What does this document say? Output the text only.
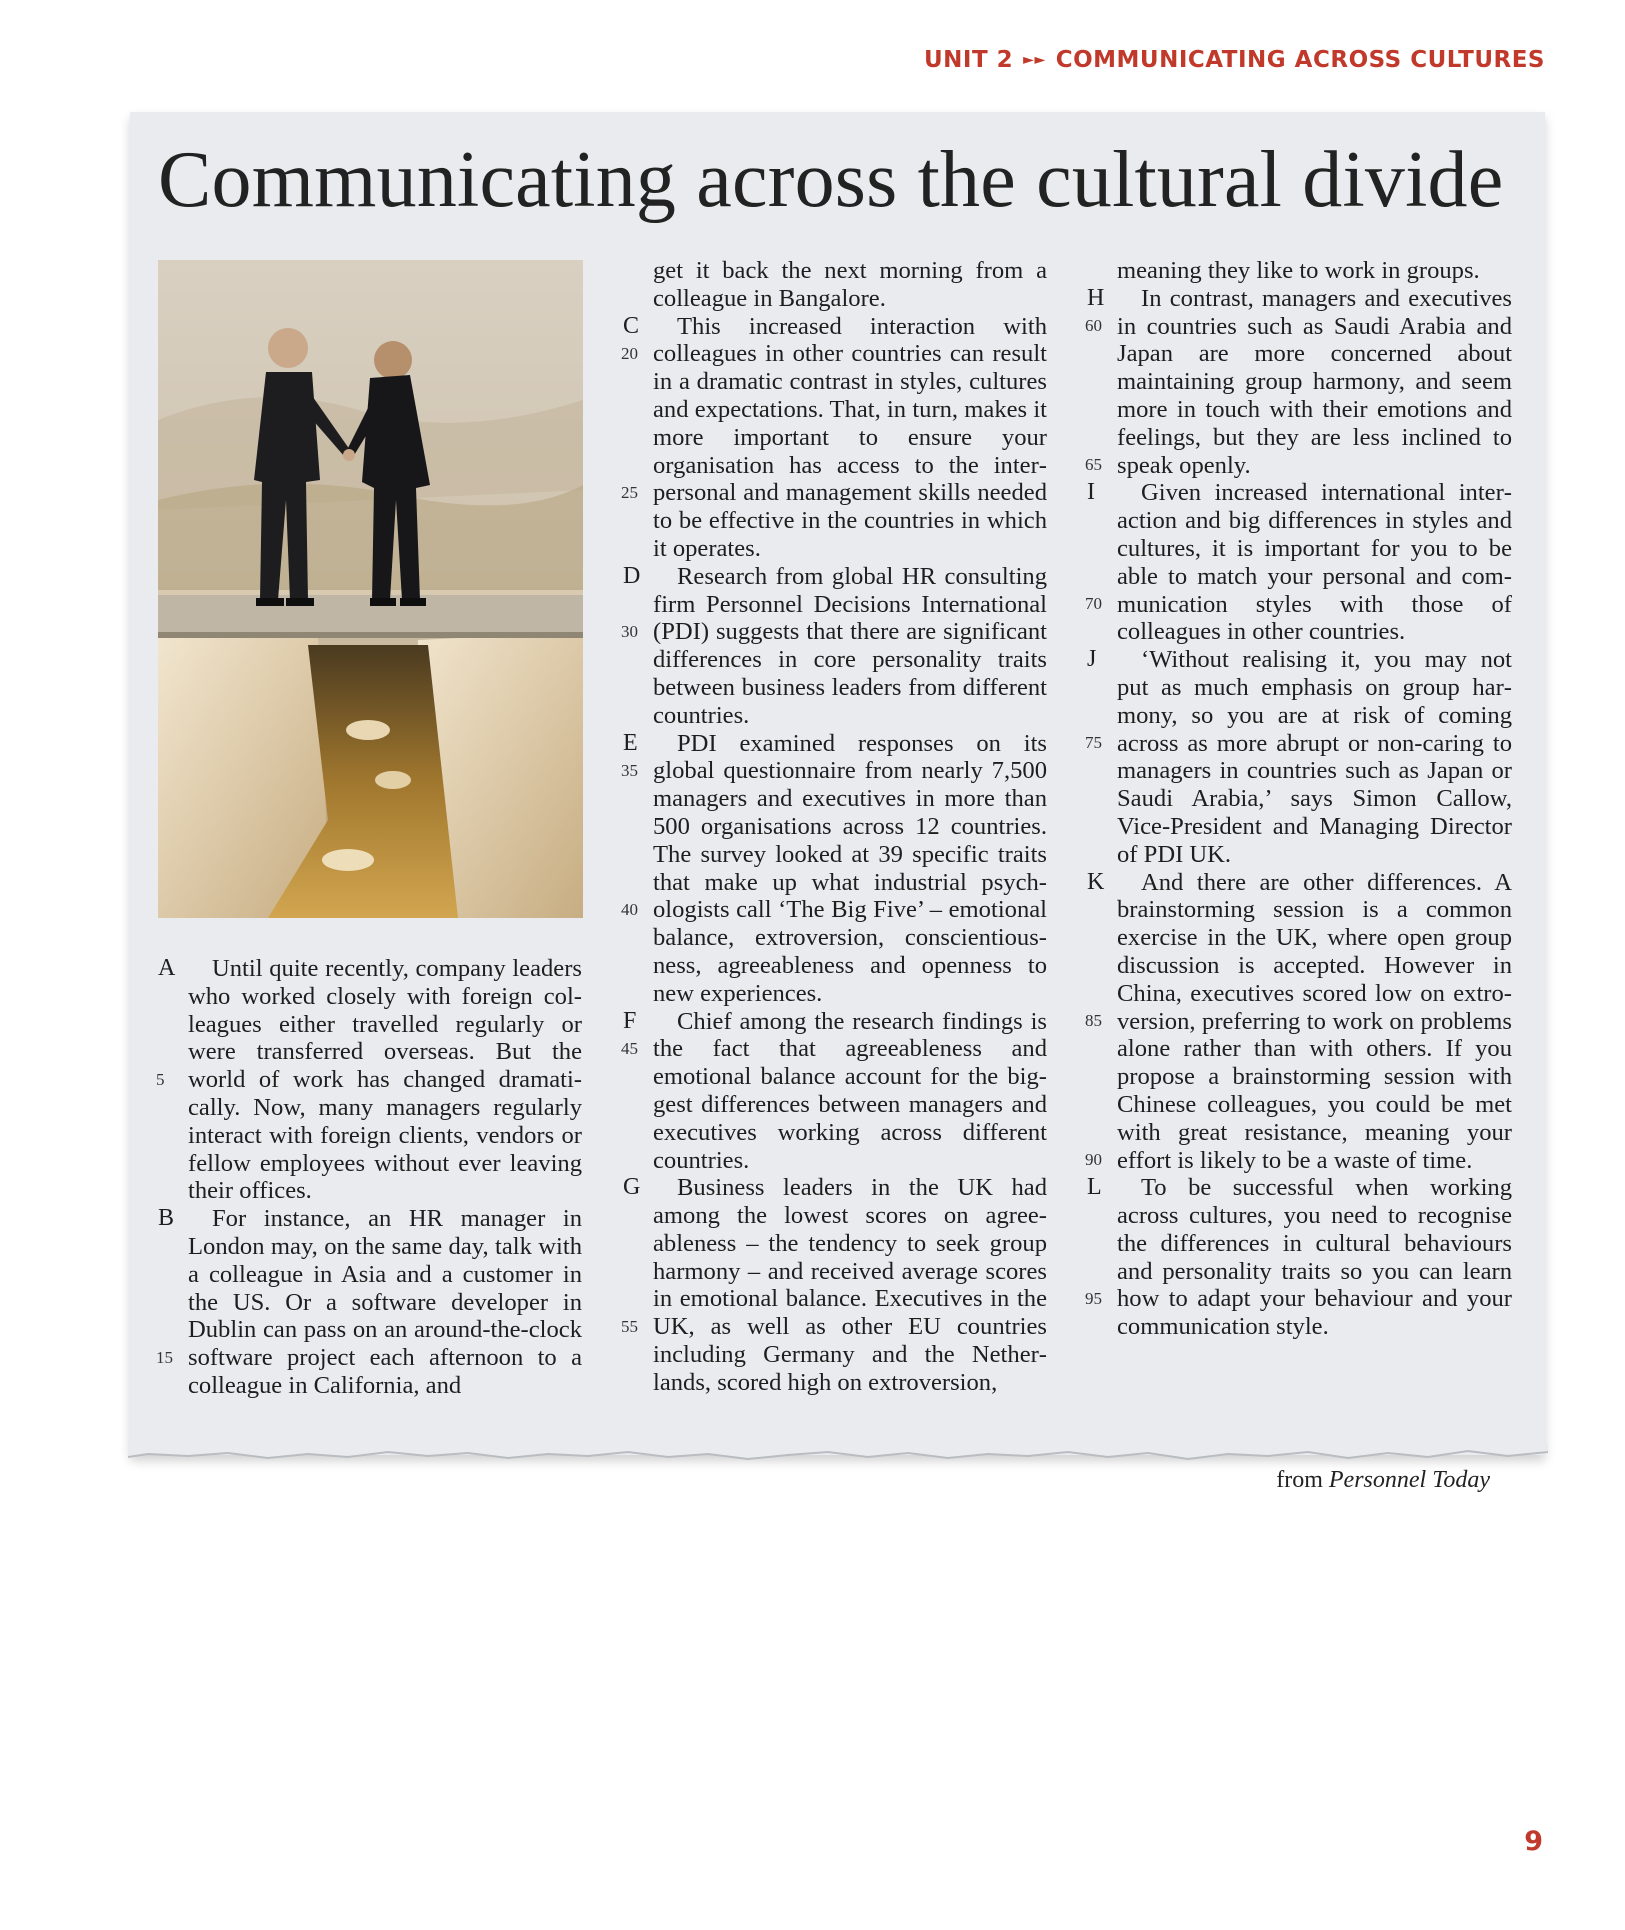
UNIT 2 ►► COMMUNICATING ACROSS CULTURES
Communicating across the cultural divide

A Until quite recently, company leaders who worked closely with foreign colleagues either travelled regularly or were transferred overseas. But the world of work has changed dramatically. Now, many managers regularly interact with foreign clients, vendors or fellow employees without ever leaving their offices.

B For instance, an HR manager in London may, on the same day, talk with a colleague in Asia and a customer in the US. Or a software developer in Dublin can pass on an around-the-clock software project each afternoon to a colleague in California, and

5
15

get it back the next morning from a colleague in Bangalore.

C This increased interaction with colleagues in other countries can result in a dramatic contrast in styles, cultures and expectations. That, in turn, makes it more important to ensure your organisation has access to the interpersonal and management skills needed to be effective in the countries in which it operates.

D Research from global HR consulting firm Personnel Decisions International (PDI) suggests that there are significant differences in core personality traits between business leaders from different countries.

E PDI examined responses on its global questionnaire from nearly 7,500 managers and executives in more than 500 organisations across 12 countries. The survey looked at 39 specific traits that make up what industrial psychologists call ‘The Big Five’ – emotional balance, extroversion, conscientiousness, agreeableness and openness to new experiences.

F Chief among the research findings is the fact that agreeableness and emotional balance account for the biggest differences between managers and executives working across different countries.

G Business leaders in the UK had among the lowest scores on agreeableness – the tendency to seek group harmony – and received average scores in emotional balance. Executives in the UK, as well as other EU countries including Germany and the Netherlands, scored high on extroversion,

20
25
30
35
40
45
55

meaning they like to work in groups.

H In contrast, managers and executives in countries such as Saudi Arabia and Japan are more concerned about maintaining group harmony, and seem more in touch with their emotions and feelings, but they are less inclined to speak openly.

I Given increased international interaction and big differences in styles and cultures, it is important for you to be able to match your personal and communication styles with those of colleagues in other countries.

J ‘Without realising it, you may not put as much emphasis on group harmony, so you are at risk of coming across as more abrupt or non-caring to managers in countries such as Japan or Saudi Arabia,’ says Simon Callow, Vice-President and Managing Director of PDI UK.

K And there are other differences. A brainstorming session is a common exercise in the UK, where open group discussion is accepted. However in China, executives scored low on extroversion, preferring to work on problems alone rather than with others. If you propose a brainstorming session with Chinese colleagues, you could be met with great resistance, meaning your effort is likely to be a waste of time.

L To be successful when working across cultures, you need to recognise the differences in cultural behaviours and personality traits so you can learn how to adapt your behaviour and your communication style.

60
65
70
75
85
90
95
from Personnel Today
9
